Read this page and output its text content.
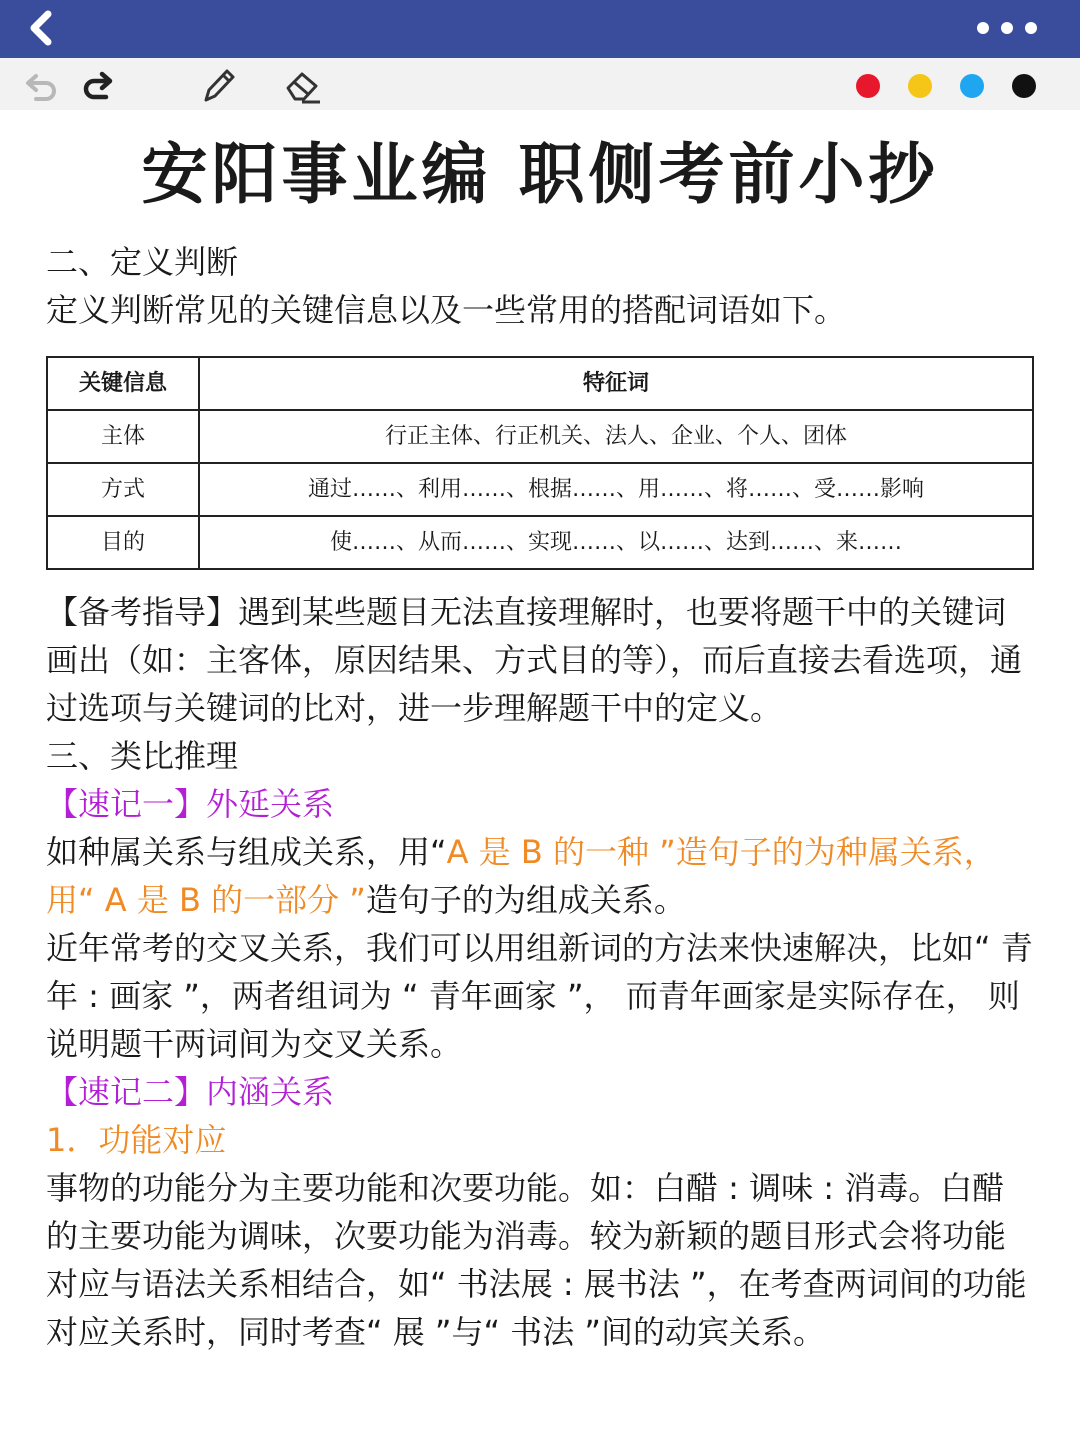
安阳事业编 职侧考前小抄

二、定义判断

定义判断常见的关键信息以及一些常用的搭配词语如下。

关键信息	特征词
主体	行正主体、行正机关、法人、企业、个人、团体
方式	通过……、利用……、根据……、用……、将……、受……影响
目的	使……、从而……、实现……、以……、达到……、来……

【备考指导】遇到某些题目无法直接理解时，也要将题干中的关键词画出（如：主客体，原因结果、方式目的等），而后直接去看选项，通过选项与关键词的比对，进一步理解题干中的定义。

三、类比推理

【速记一】外延关系

如种属关系与组成关系，用“A 是 B 的一种 ”造句子的为种属关系，用“ A 是 B 的一部分 ”造句子的为组成关系。

近年常考的交叉关系，我们可以用组新词的方法来快速解决，比如“ 青年 : 画家 ”，两者组词为 “ 青年画家 ”， 而青年画家是实际存在， 则说明题干两词间为交叉关系。

【速记二】内涵关系

1．功能对应

事物的功能分为主要功能和次要功能。如：白醋 : 调味 : 消毒。白醋的主要功能为调味，次要功能为消毒。较为新颖的题目形式会将功能对应与语法关系相结合，如“ 书法展 : 展书法 ”，在考查两词间的功能对应关系时，同时考查“ 展 ”与“ 书法 ”间的动宾关系。
